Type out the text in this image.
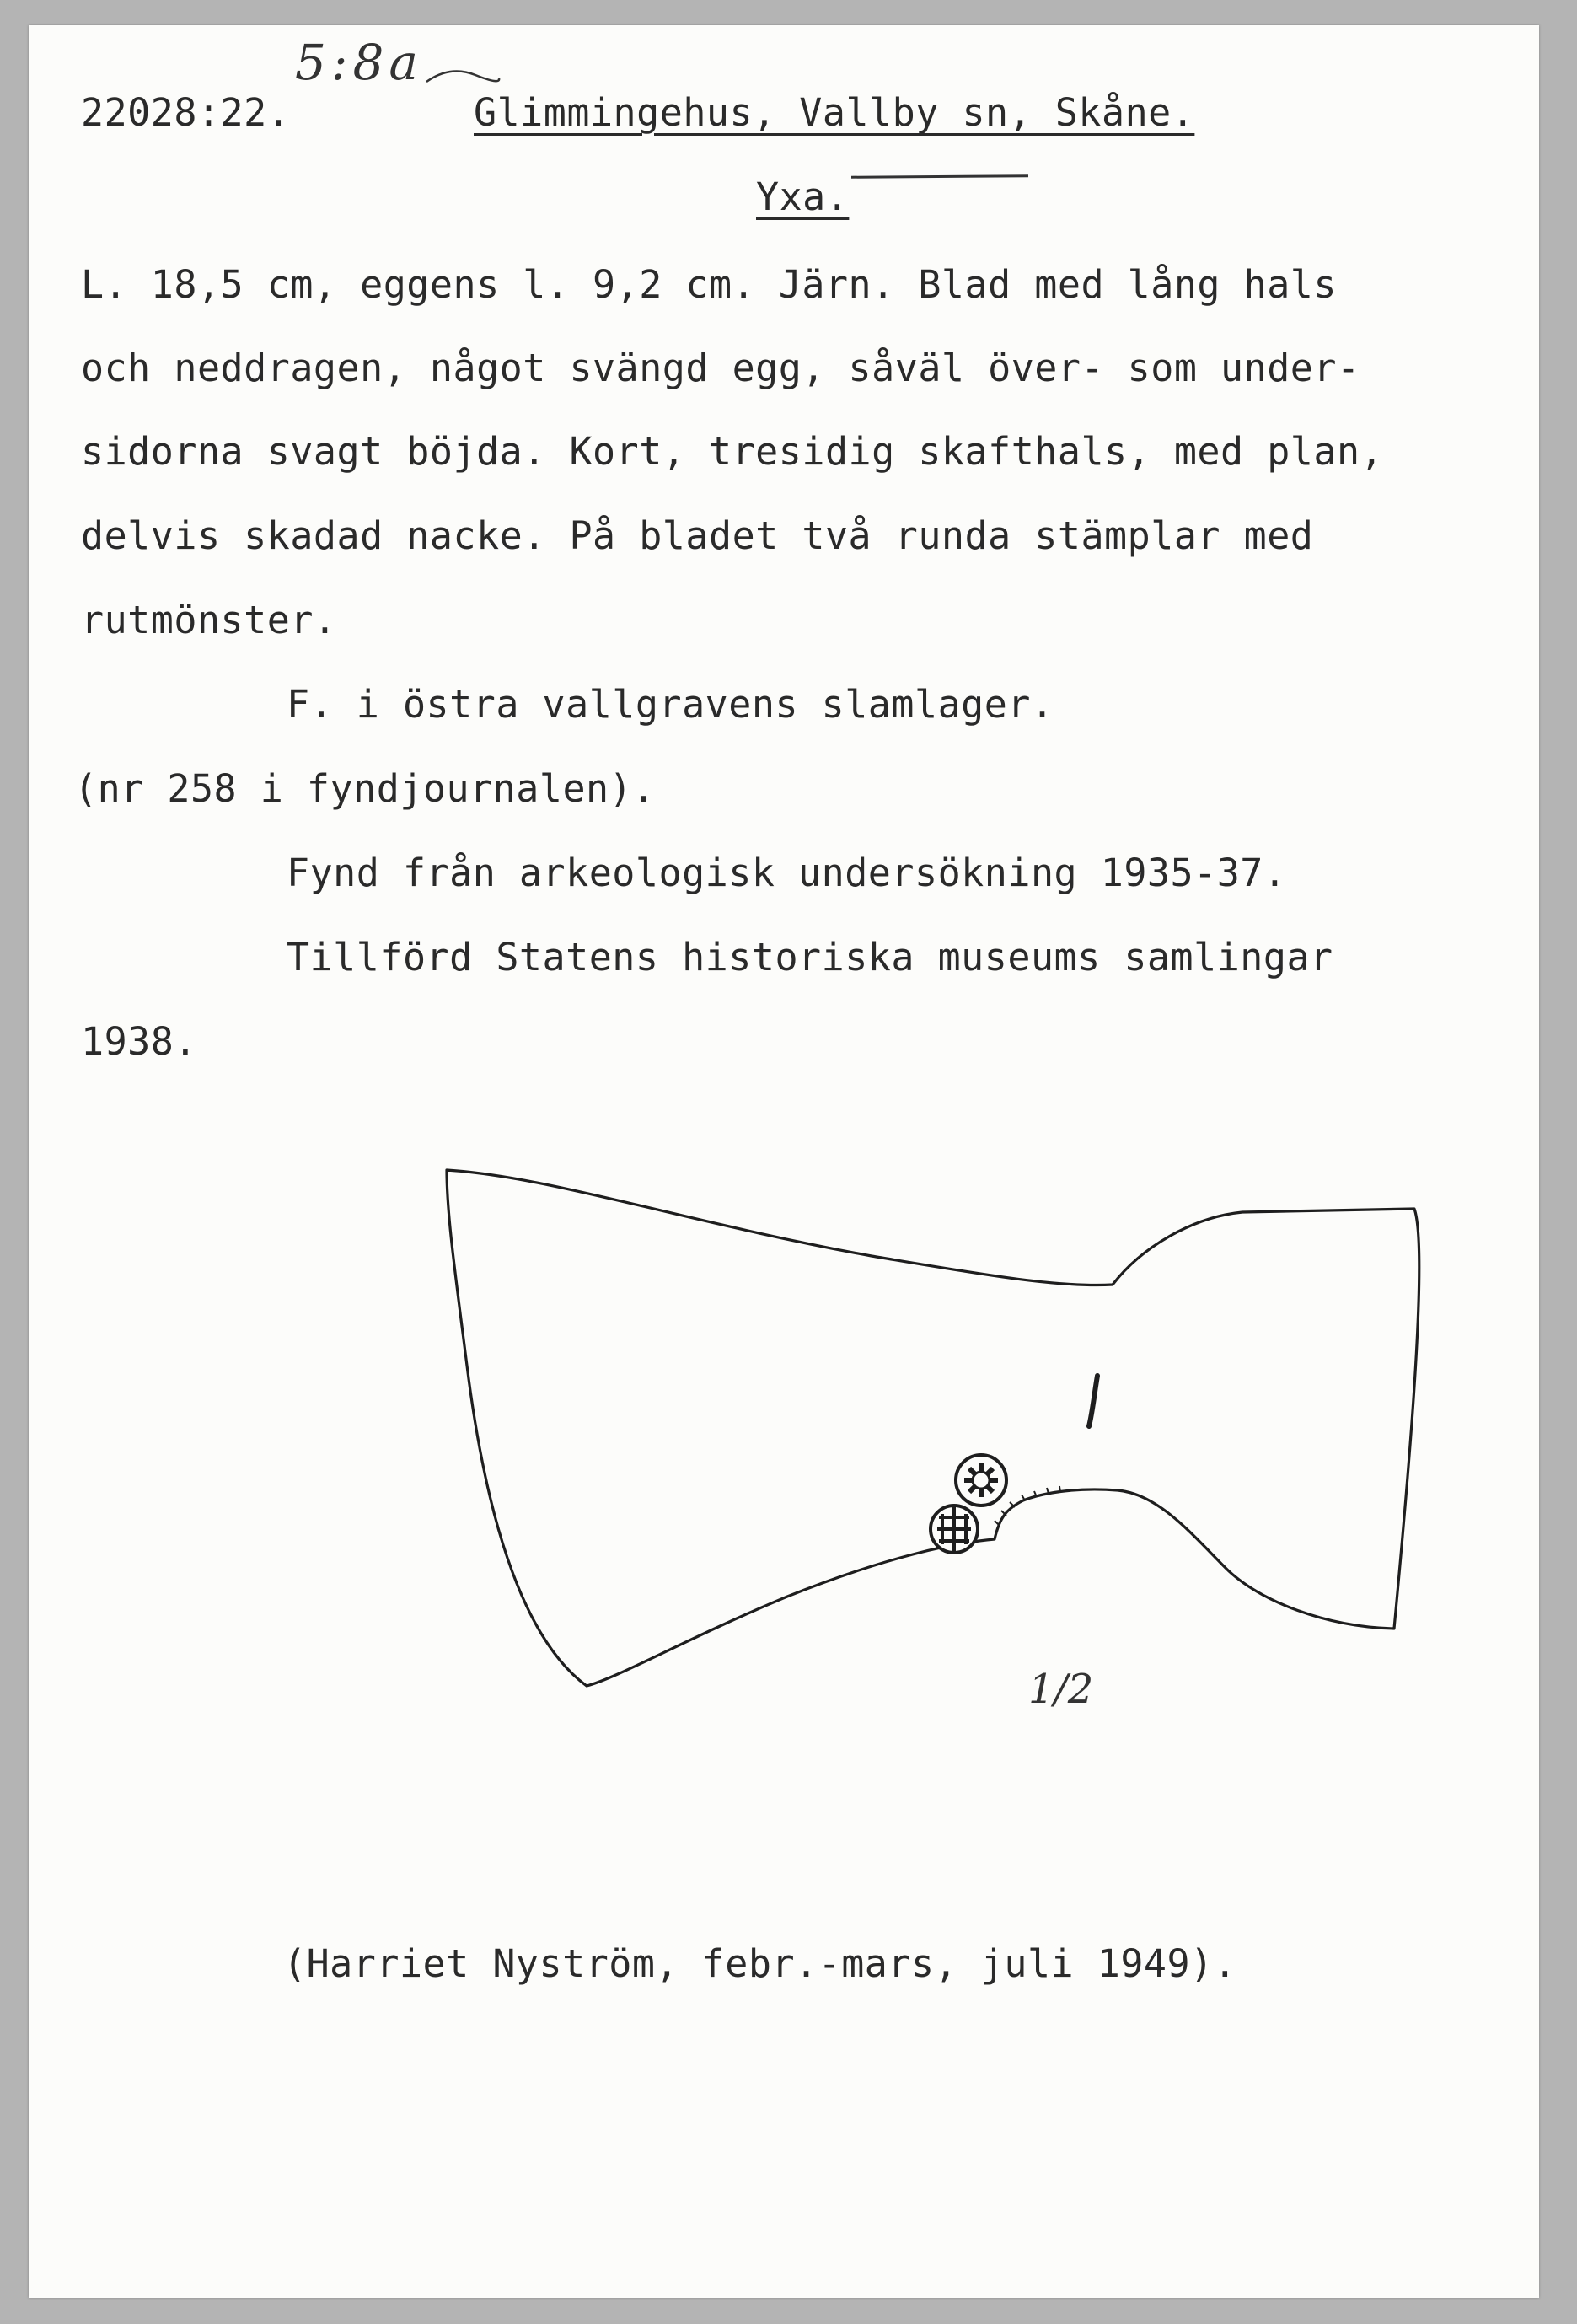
5:8a
22028:22.	Glimmingehus, Vallby sn, Skåne.
Yxa.
L. 18,5 cm, eggens l. 9,2 cm. Järn. Blad med lång hals
och neddragen, något svängd egg, såväl över- som under-
sidorna svagt böjda. Kort, tresidig skafthals, med plan,
delvis skadad nacke. På bladet två runda stämplar med
rutmönster.
F. i östra vallgravens slamlager.
(nr 258 i fyndjournalen).
Fynd från arkeologisk undersökning 1935-37.
Tillförd Statens historiska museums samlingar
1938.
1/2
(Harriet Nyström, febr.-mars, juli 1949).
